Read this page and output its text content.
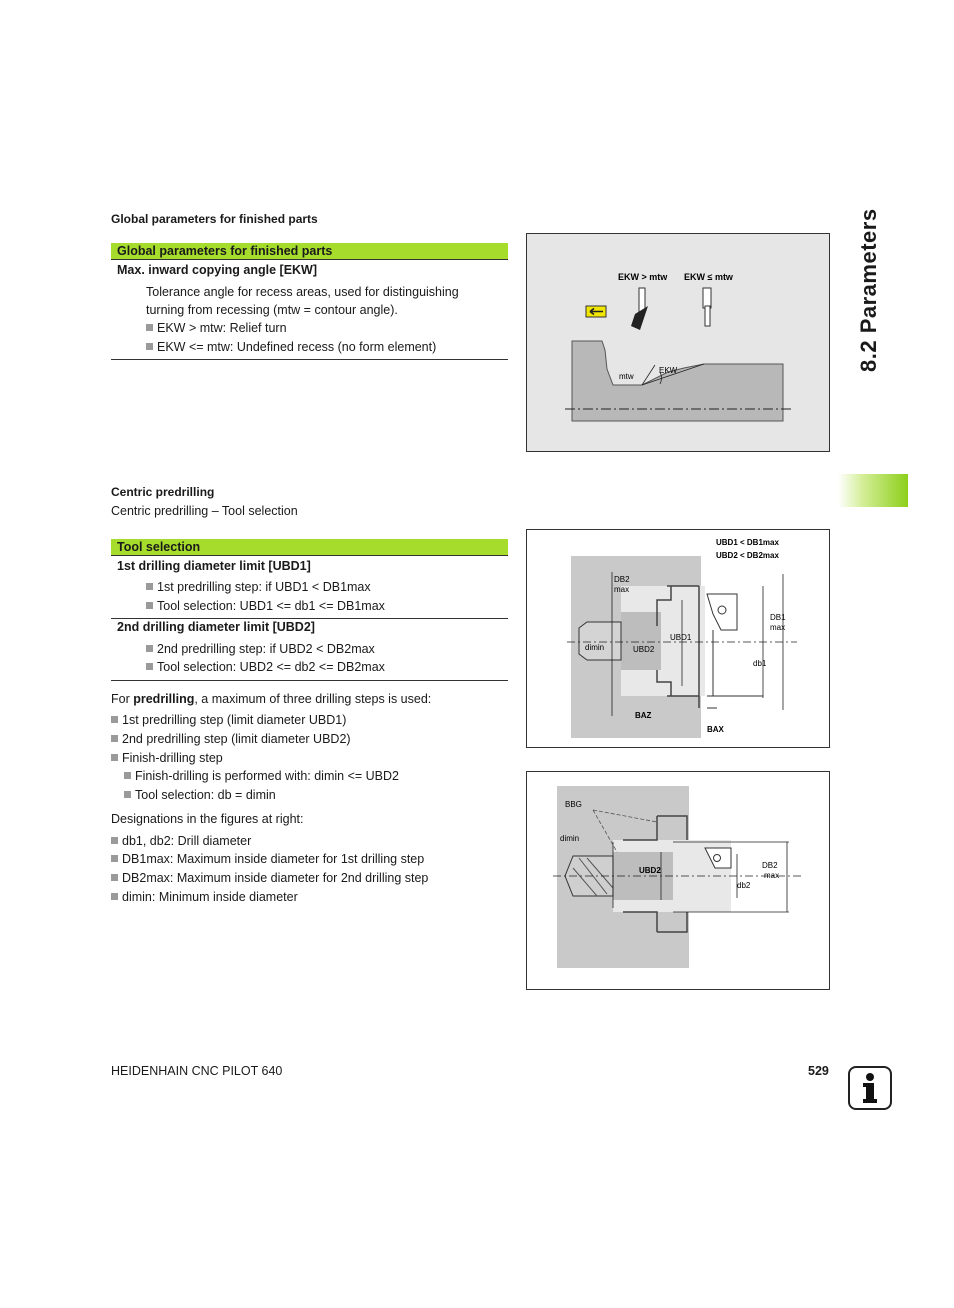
Global parameters for finished parts
Global parameters for finished parts
Max. inward copying angle [EKW]
Tolerance angle for recess areas, used for distinguishing
turning from recessing (mtw = contour angle).
EKW > mtw: Relief turn
EKW <= mtw: Undefined recess (no form element)
EKW > mtw EKW ≤ mtw
mtw
EKW	8.2 Parameters
Centric predrilling
Centric predrilling – Tool selection
Tool selection
1st drilling diameter limit [UBD1]
1st predrilling step: if UBD1 < DB1max
Tool selection: UBD1 <= db1 <= DB1max
2nd drilling diameter limit [UBD2]
2nd predrilling step: if UBD2 < DB2max
Tool selection: UBD2 <= db2 <= DB2max
For predrilling, a maximum of three drilling steps is used:
1st predrilling step (limit diameter UBD1)
2nd predrilling step (limit diameter UBD2)
Finish-drilling step
Finish-drilling is performed with: dimin <= UBD2
Tool selection: db = dimin
Designations in the figures at right:
db1, db2: Drill diameter
DB1max: Maximum inside diameter for 1st drilling step
DB2max: Maximum inside diameter for 2nd drilling step
dimin: Minimum inside diameter
UBD1 < DB1max
UBD2 < DB2max
DB2
max
DB1
max
UBD1
UBD2
dimin
db1
BAZ
BAX
BBG
dimin
UBD2
DB2
max
db2
HEIDENHAIN CNC PILOT 640	529
